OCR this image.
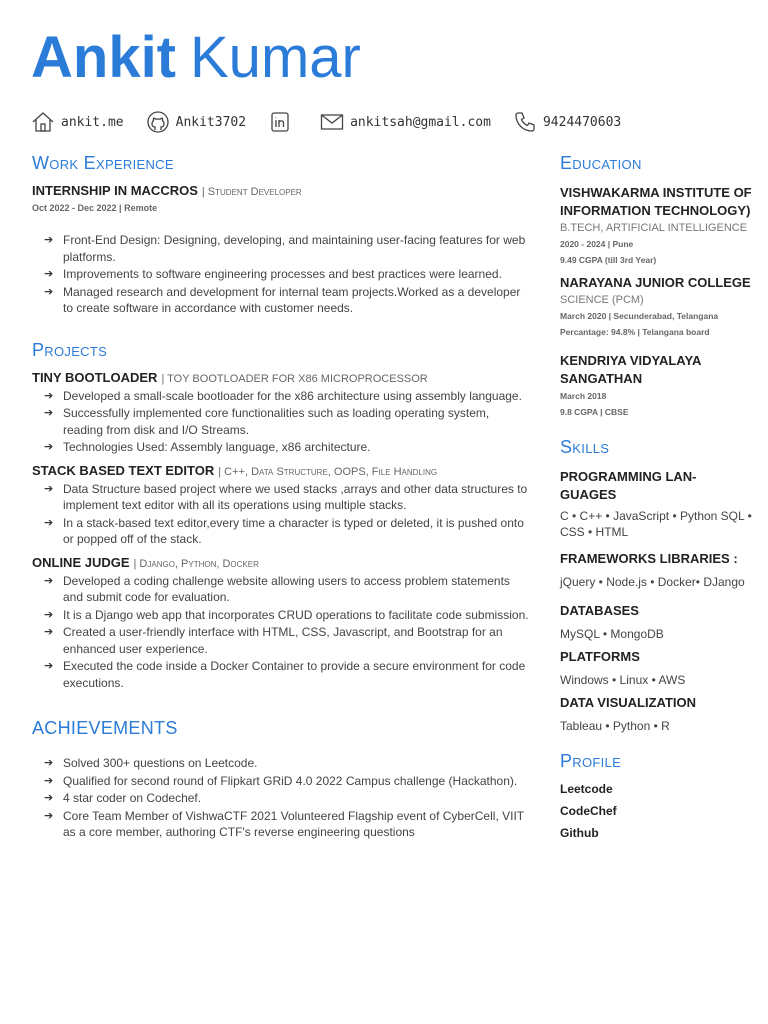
Ankit Kumar
ankit.me	Ankit3702	ankitsah@gmail.com	9424470603
Work Experience
INTERNSHIP IN MACCROS | Student Developer
Oct 2022 - Dec 2022 | Remote
➔ Front-End Design: Designing, developing, and maintaining user-facing features for web platforms.
➔ Improvements to software engineering processes and best practices were learned.
➔ Managed research and development for internal team projects.Worked as a developer to create software in accordance with customer needs.
Projects
TINY BOOTLOADER | TOY BOOTLOADER FOR X86 MICROPROCESSOR
➔ Developed a small-scale bootloader for the x86 architecture using assembly language.
➔ Successfully implemented core functionalities such as loading operating system, reading from disk and I/O Streams.
➔ Technologies Used: Assembly language, x86 architecture.
STACK BASED TEXT EDITOR | C++, Data Structure, OOPS, File Handling
➔ Data Structure based project where we used stacks ,arrays and other data structures to implement text editor with all its operations using multiple stacks.
➔ In a stack-based text editor,every time a character is typed or deleted, it is pushed onto or popped off of the stack.
ONLINE JUDGE | Django, Python, Docker
➔ Developed a coding challenge website allowing users to access problem statements and submit code for evaluation.
➔ It is a Django web app that incorporates CRUD operations to facilitate code submission.
➔ Created a user-friendly interface with HTML, CSS, Javascript, and Bootstrap for an enhanced user experience.
➔ Executed the code inside a Docker Container to provide a secure environment for code executions.
ACHIEVEMENTS
➔ Solved 300+ questions on Leetcode.
➔ Qualified for second round of Flipkart GRiD 4.0 2022 Campus challenge (Hackathon).
➔ 4 star coder on Codechef.
➔ Core Team Member of VishwaCTF 2021 Volunteered Flagship event of CyberCell, VIIT as a core member, authoring CTF's reverse engineering questions
Education
VISHWAKARMA INSTITUTE OF INFORMATION TECHNOLOGY)
B.TECH, ARTIFICIAL INTELLIGENCE
2020 - 2024 | Pune
9.49 CGPA (till 3rd Year)
NARAYANA JUNIOR COLLEGE
SCIENCE (PCM)
March 2020 | Secunderabad, Telangana
Percantage: 94.8% | Telangana board
KENDRIYA VIDYALAYA SANGATHAN
March 2018
9.8 CGPA | CBSE
Skills
PROGRAMMING LAN-GUAGES
C • C++ • JavaScript • Python SQL • CSS • HTML
FRAMEWORKS LIBRARIES :
jQuery • Node.js • Docker• DJango
DATABASES
MySQL • MongoDB
PLATFORMS
Windows • Linux • AWS
DATA VISUALIZATION
Tableau • Python • R
Profile
Leetcode
CodeChef
Github
